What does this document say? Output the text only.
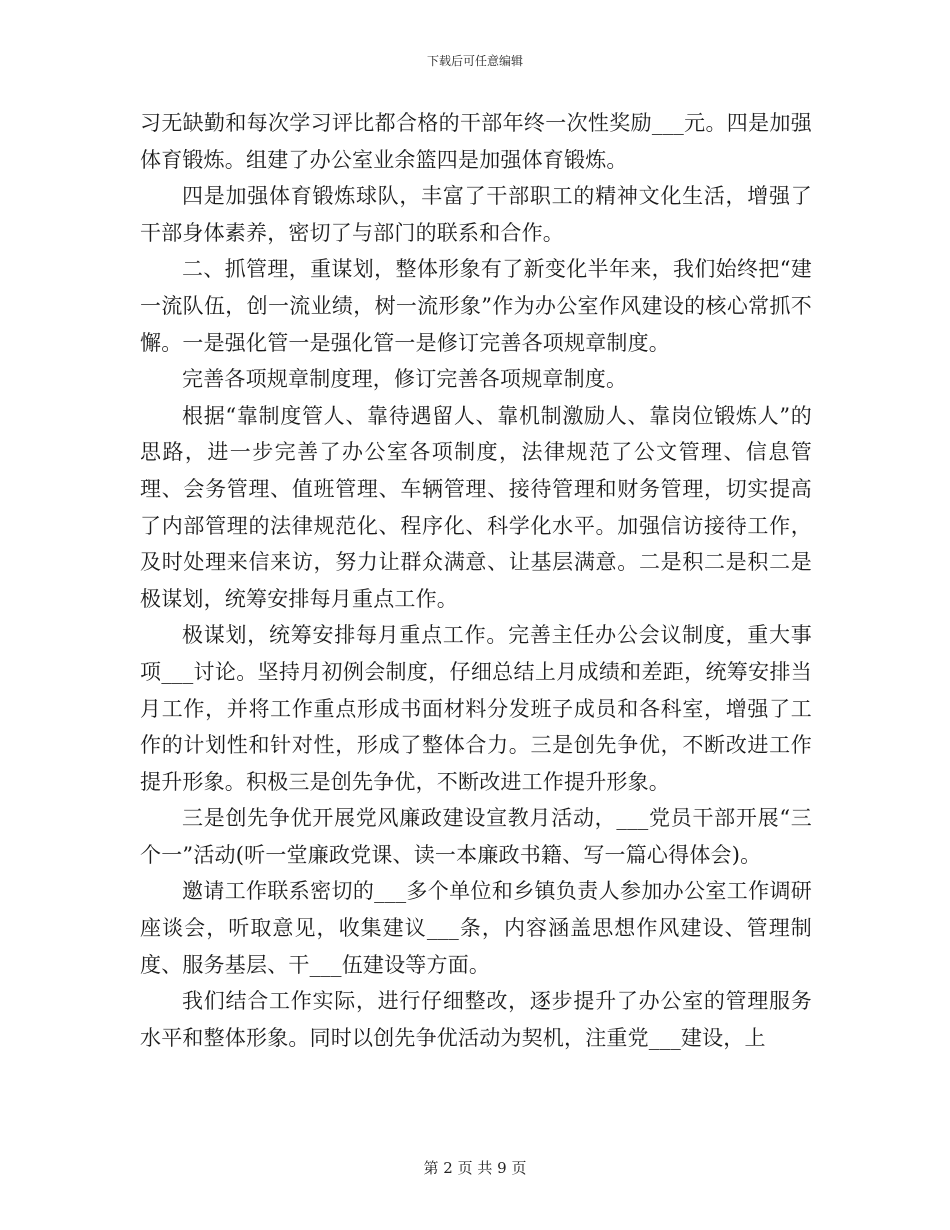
下载后可任意编辑

习无缺勤和每次学习评比都合格的干部年终一次性奖励___元。四是加强体育锻炼。组建了办公室业余篮四是加强体育锻炼。

四是加强体育锻炼球队，丰富了干部职工的精神文化生活，增强了干部身体素养，密切了与部门的联系和合作。

二、抓管理，重谋划，整体形象有了新变化半年来，我们始终把“建一流队伍，创一流业绩，树一流形象”作为办公室作风建设的核心常抓不懈。一是强化管一是强化管一是修订完善各项规章制度。

完善各项规章制度理，修订完善各项规章制度。

根据“靠制度管人、靠待遇留人、靠机制激励人、靠岗位锻炼人”的思路，进一步完善了办公室各项制度，法律规范了公文管理、信息管理、会务管理、值班管理、车辆管理、接待管理和财务管理，切实提高了内部管理的法律规范化、程序化、科学化水平。加强信访接待工作，及时处理来信来访，努力让群众满意、让基层满意。二是积二是积二是极谋划，统筹安排每月重点工作。

极谋划，统筹安排每月重点工作。完善主任办公会议制度，重大事项___讨论。坚持月初例会制度，仔细总结上月成绩和差距，统筹安排当月工作，并将工作重点形成书面材料分发班子成员和各科室，增强了工作的计划性和针对性，形成了整体合力。三是创先争优，不断改进工作提升形象。积极三是创先争优，不断改进工作提升形象。

三是创先争优开展党风廉政建设宣教月活动，___党员干部开展“三个一”活动(听一堂廉政党课、读一本廉政书籍、写一篇心得体会)。

邀请工作联系密切的___多个单位和乡镇负责人参加办公室工作调研座谈会，听取意见，收集建议___条，内容涵盖思想作风建设、管理制度、服务基层、干___伍建设等方面。

我们结合工作实际，进行仔细整改，逐步提升了办公室的管理服务水平和整体形象。同时以创先争优活动为契机，注重党___建设，上

第 2 页 共 9 页
